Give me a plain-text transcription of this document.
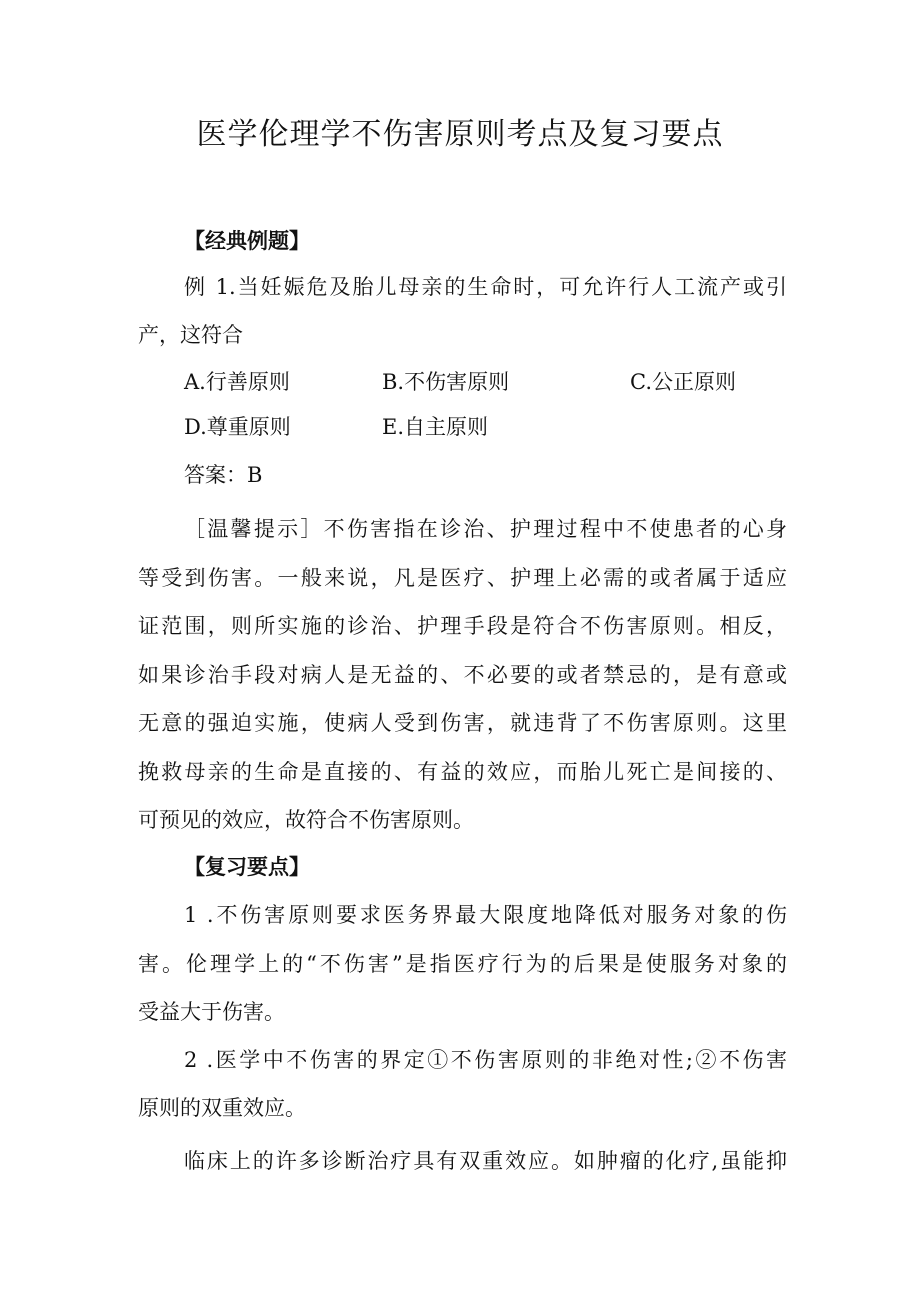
医学伦理学不伤害原则考点及复习要点

【经典例题】

例 1.当妊娠危及胎儿母亲的生命时，可允许行人工流产或引

产，这符合

A.行善原则	B.不伤害原则	C.公正原则

D.尊重原则	E.自主原则

答案：B

［温馨提示］不伤害指在诊治、护理过程中不使患者的心身

等受到伤害。一般来说，凡是医疗、护理上必需的或者属于适应

证范围，则所实施的诊治、护理手段是符合不伤害原则。相反，

如果诊治手段对病人是无益的、不必要的或者禁忌的，是有意或

无意的强迫实施，使病人受到伤害，就违背了不伤害原则。这里

挽救母亲的生命是直接的、有益的效应，而胎儿死亡是间接的、

可预见的效应，故符合不伤害原则。

【复习要点】

1 .不伤害原则要求医务界最大限度地降低对服务对象的伤

害。伦理学上的“不伤害”是指医疗行为的后果是使服务对象的

受益大于伤害。

2 .医学中不伤害的界定①不伤害原则的非绝对性;②不伤害

原则的双重效应。

临床上的许多诊断治疗具有双重效应。如肿瘤的化疗,虽能抑
